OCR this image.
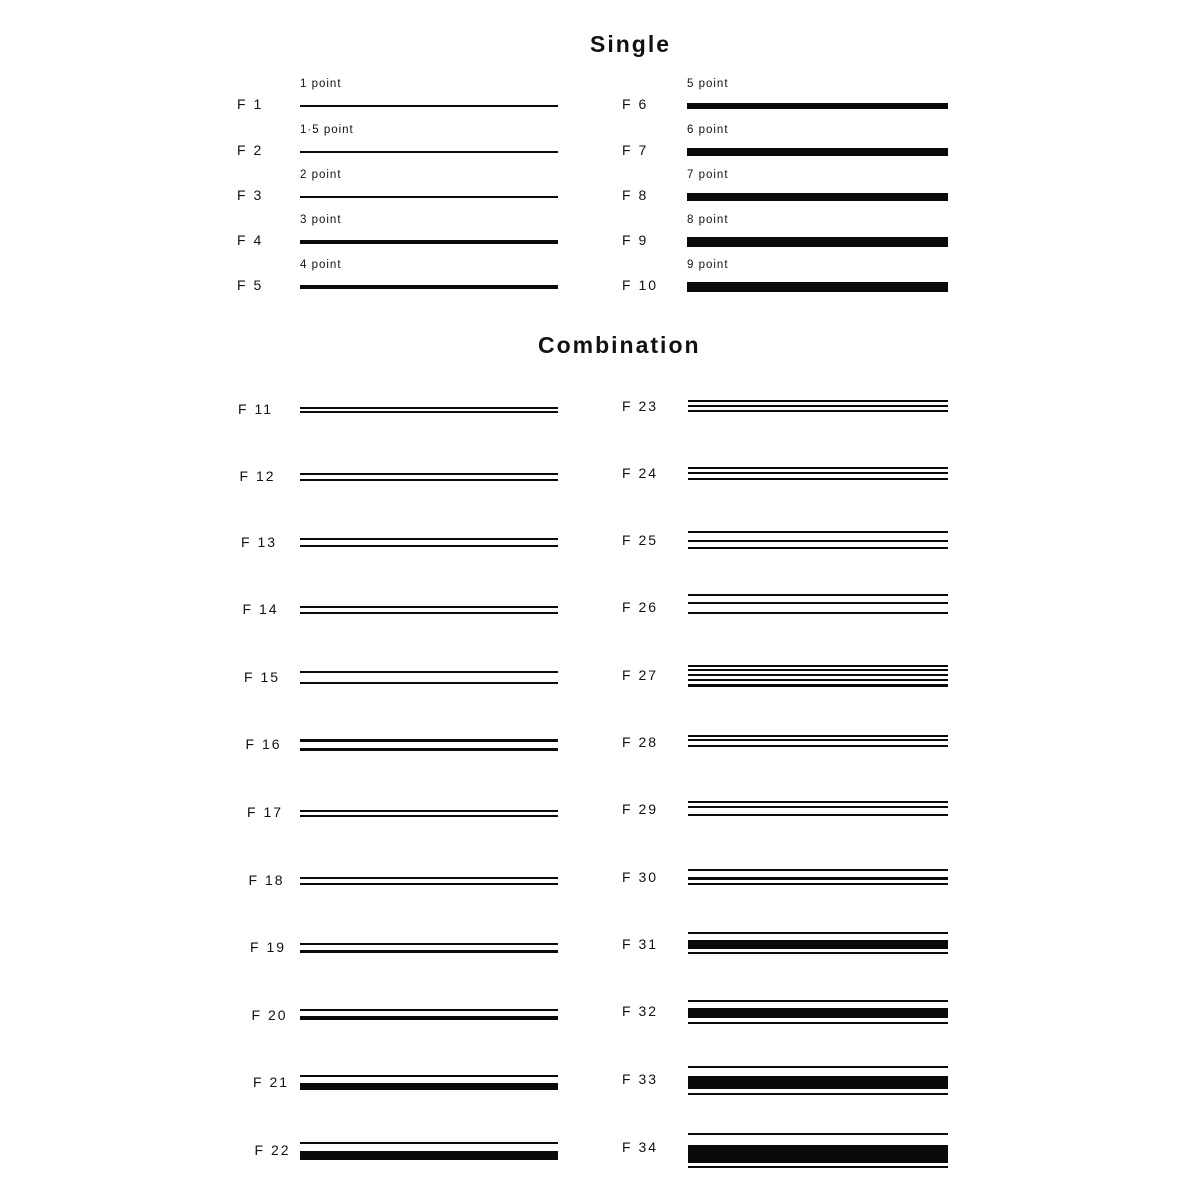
Single
Combination
F 1
1 point
F 2
1·5 point
F 3
2 point
F 4
3 point
F 5
4 point
F 6
5 point
F 7
6 point
F 8
7 point
F 9
8 point
F 10
9 point
F 11
F 12
F 13
F 14
F 15
F 16
F 17
F 18
F 19
F 20
F 21
F 22
F 23
F 24
F 25
F 26
F 27
F 28
F 29
F 30
F 31
F 32
F 33
F 34
